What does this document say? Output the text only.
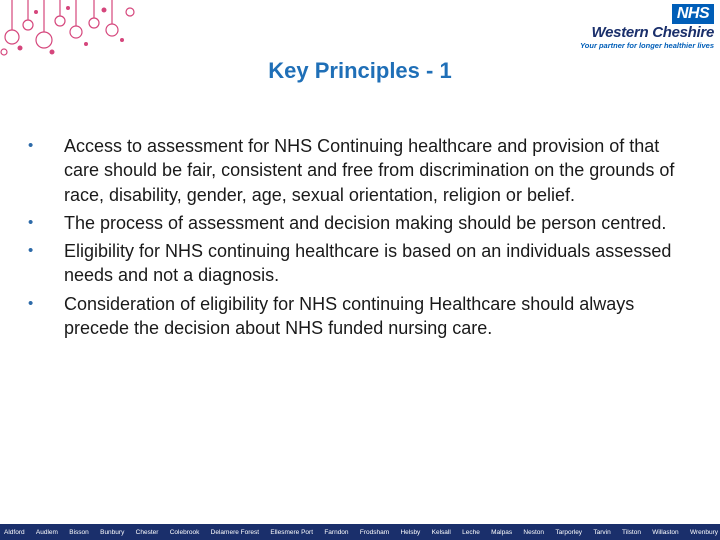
NHS
Western Cheshire
Your partner for longer healthier lives
Key Principles - 1
• Access to assessment for NHS Continuing healthcare and provision of that care should be fair, consistent and free from discrimination on the grounds of race, disability, gender, age, sexual orientation, religion or belief.
• The process of assessment and decision making should be person centred.
• Eligibility for NHS continuing healthcare is based on an individuals assessed needs and not a diagnosis.
• Consideration of eligibility for NHS continuing Healthcare should always precede the decision about NHS funded nursing care.
Aldford Audlem Bisson Bunbury Chester Colebrook Delamere Forest Ellesmere Port Farndon Frodsham Helsby Kelsall Leche Malpas Neston Tarporley Tarvin Tilston Willaston Wrenbury
